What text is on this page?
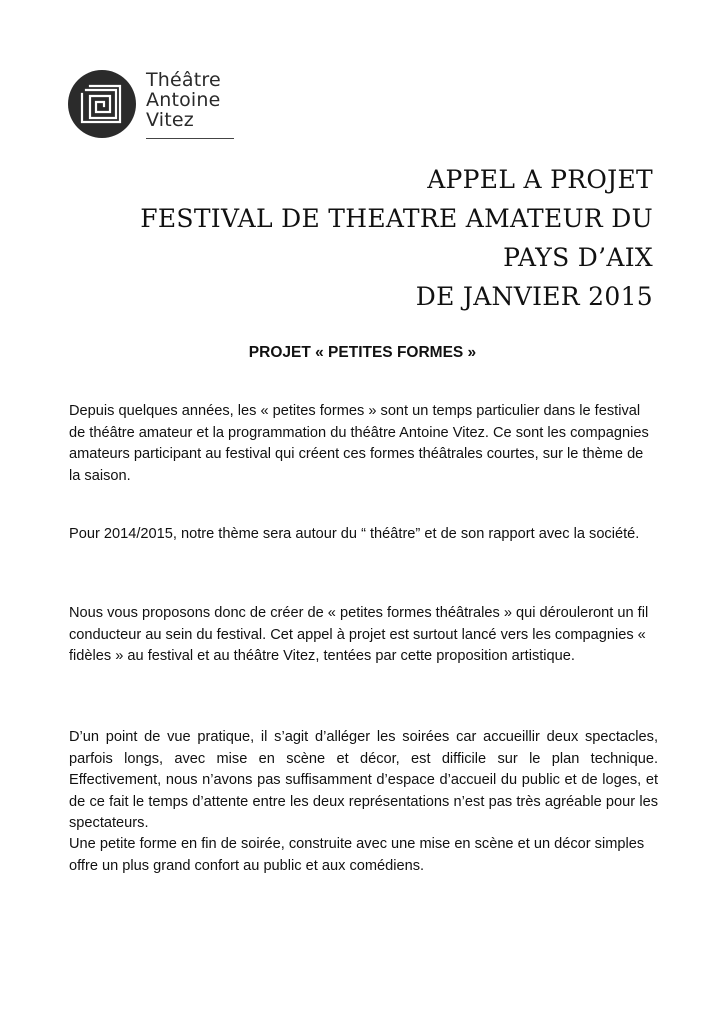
Théâtre
Antoine
Vitez
APPEL A PROJET
FESTIVAL DE THEATRE AMATEUR DU
PAYS D’AIX
DE JANVIER 2015
PROJET « PETITES FORMES »

Depuis quelques années, les « petites formes » sont un temps particulier dans le festival de théâtre amateur et la programmation du théâtre Antoine Vitez. Ce sont les compagnies amateurs participant au festival qui créent ces formes théâtrales courtes, sur le thème de la saison.

Pour 2014/2015, notre thème sera autour du “ théâtre” et de son rapport avec la société.

Nous vous proposons donc de créer de « petites formes théâtrales » qui dérouleront un fil conducteur au sein du festival. Cet appel à projet est surtout lancé vers les compagnies « fidèles » au festival et au théâtre Vitez, tentées par cette proposition artistique.

D’un point de vue pratique, il s’agit d’alléger les soirées car accueillir deux spectacles, parfois longs, avec mise en scène et décor, est difficile sur le plan technique. Effectivement, nous n’avons pas suffisamment d’espace d’accueil du public et de loges, et de ce fait le temps d’attente entre les deux représentations n’est pas très agréable pour les spectateurs.

Une petite forme en fin de soirée, construite avec une mise en scène et un décor simples offre un plus grand confort au public et aux comédiens.
